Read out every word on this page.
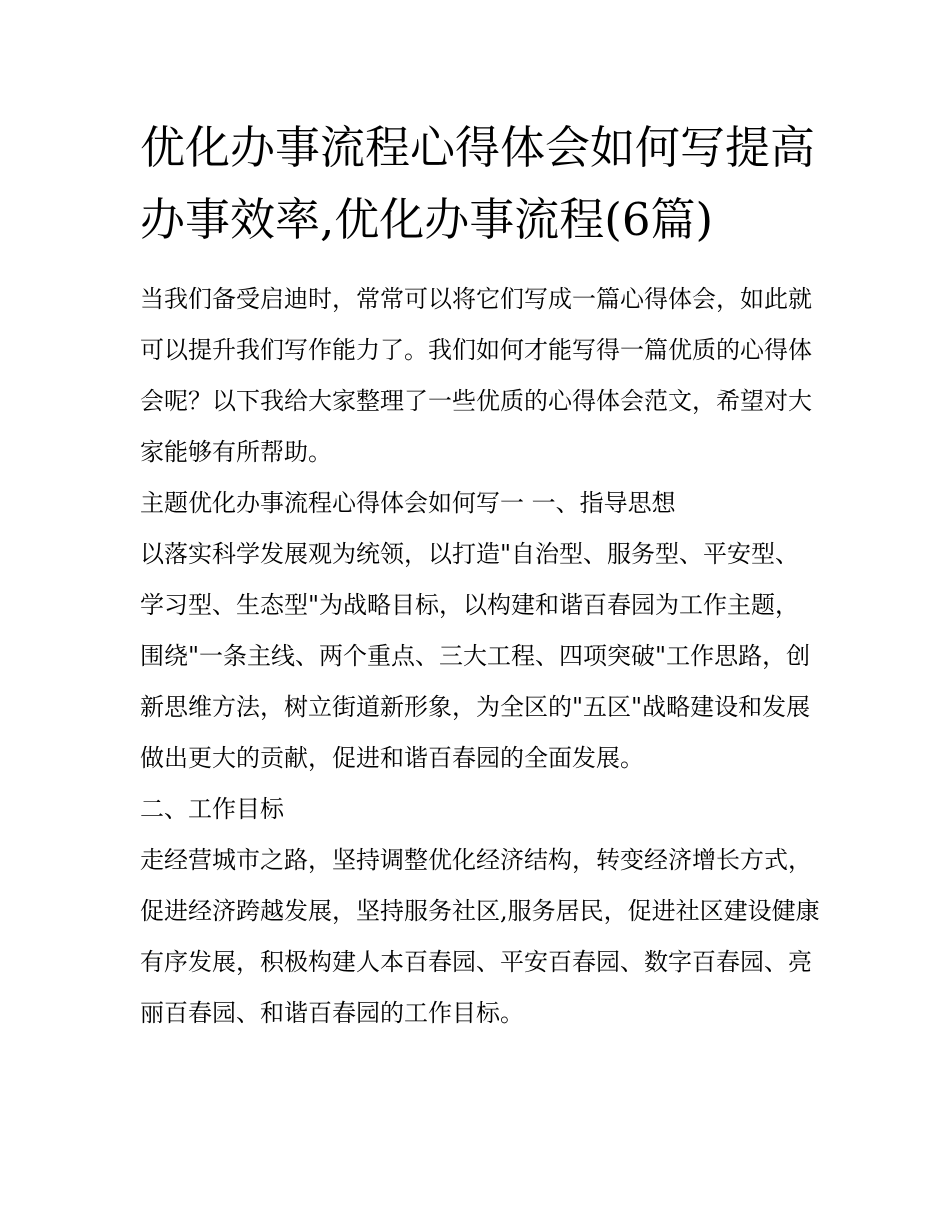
优化办事流程心得体会如何写提高办事效率,优化办事流程(6篇)

当我们备受启迪时，常常可以将它们写成一篇心得体会，如此就可以提升我们写作能力了。我们如何才能写得一篇优质的心得体会呢？以下我给大家整理了一些优质的心得体会范文，希望对大家能够有所帮助。

主题优化办事流程心得体会如何写一 一、指导思想

以落实科学发展观为统领，以打造"自治型、服务型、平安型、学习型、生态型"为战略目标，以构建和谐百春园为工作主题，围绕"一条主线、两个重点、三大工程、四项突破"工作思路，创新思维方法，树立街道新形象，为全区的"五区"战略建设和发展做出更大的贡献，促进和谐百春园的全面发展。

二、工作目标

走经营城市之路，坚持调整优化经济结构，转变经济增长方式，促进经济跨越发展，坚持服务社区,服务居民，促进社区建设健康有序发展，积极构建人本百春园、平安百春园、数字百春园、亮丽百春园、和谐百春园的工作目标。
